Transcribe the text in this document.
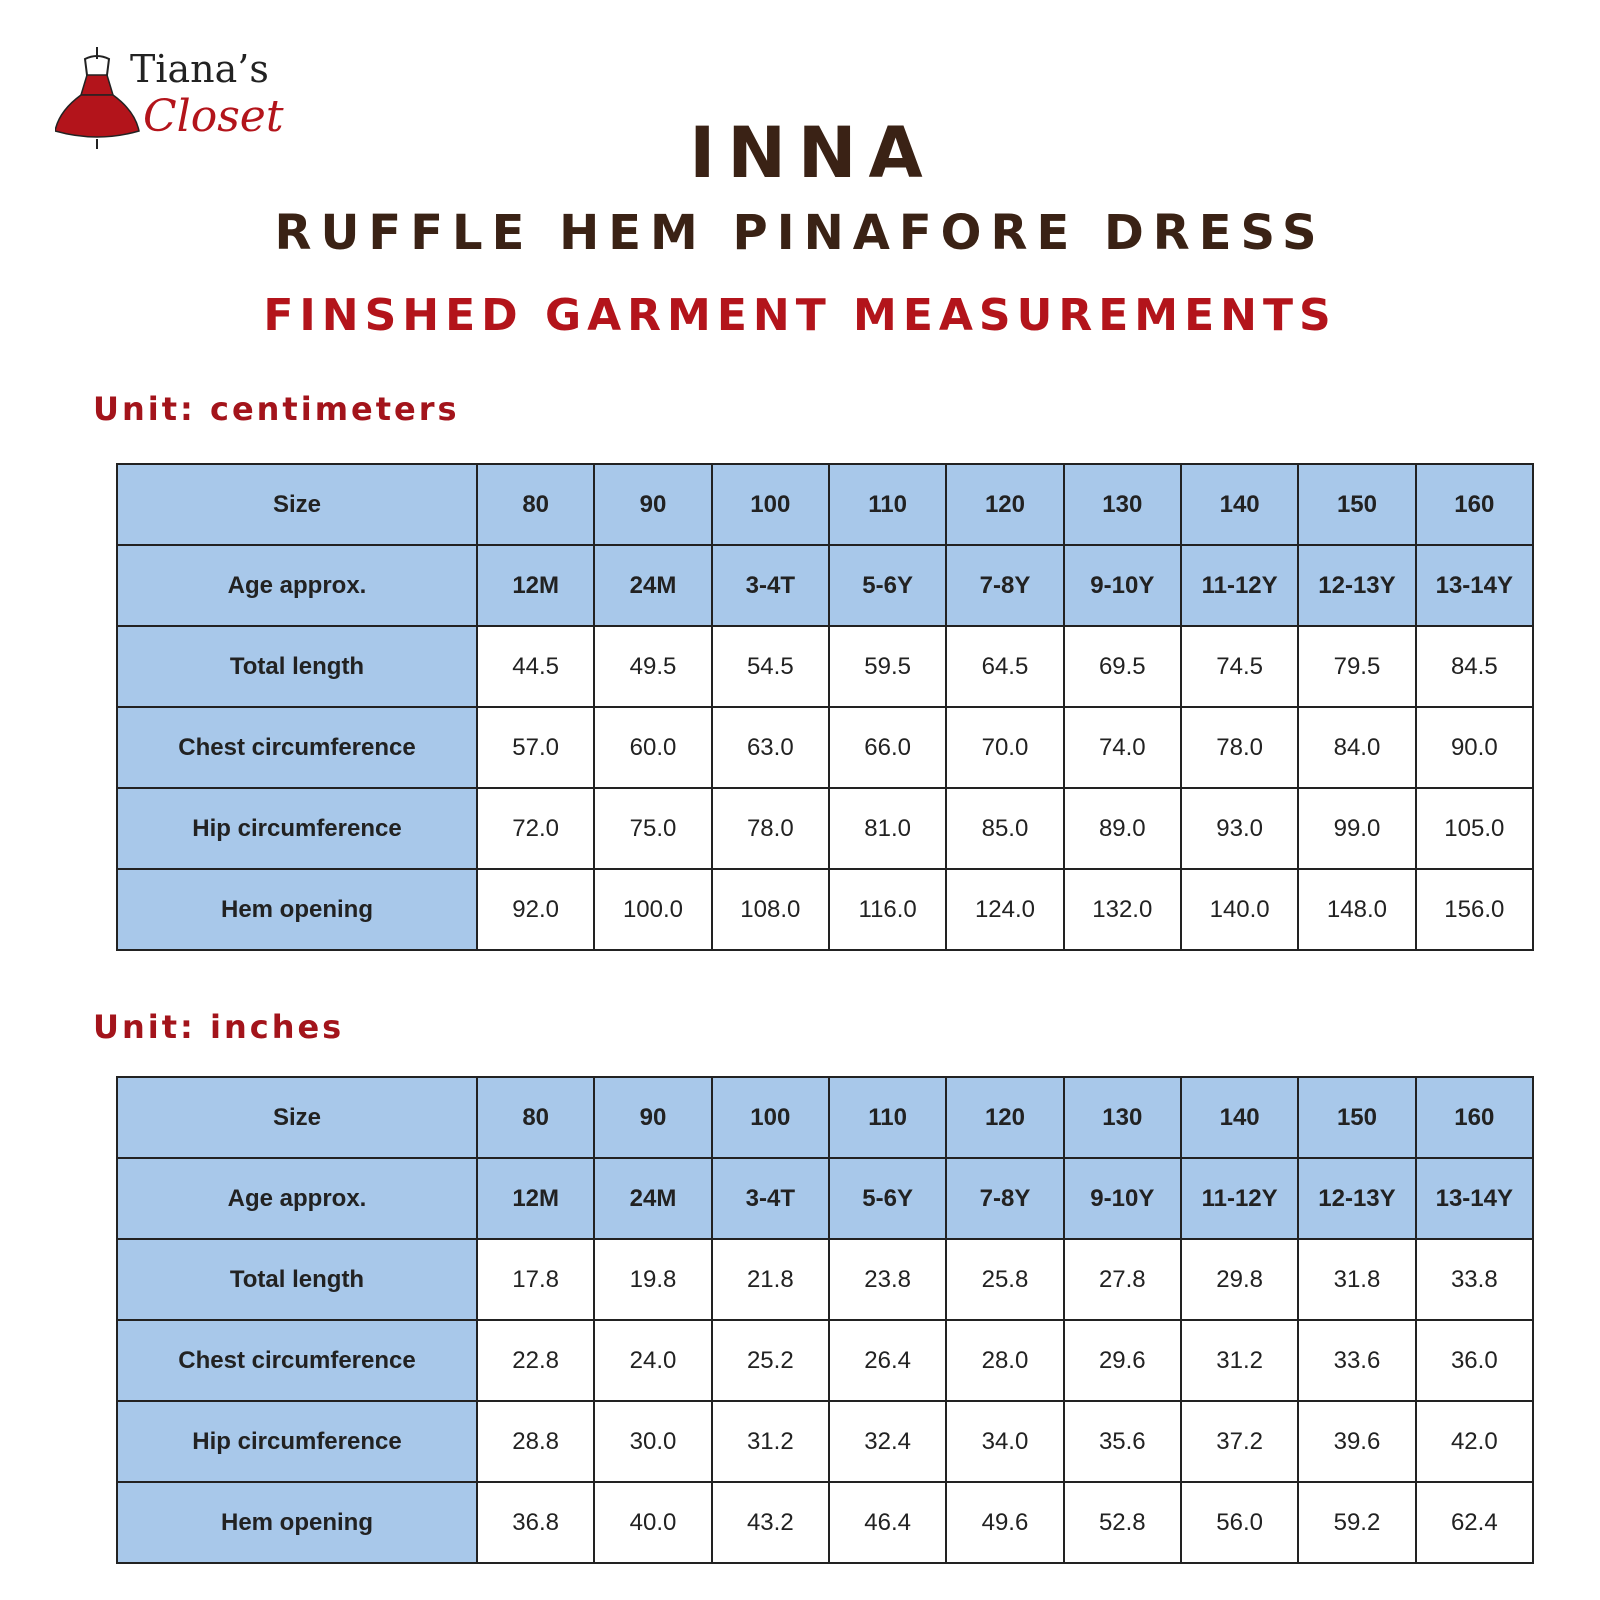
Tiana’s
Closet	INNA
RUFFLE HEM PINAFORE DRESS
FINSHED GARMENT MEASUREMENTS
Unit: centimeters
Size	80	90	100	110	120	130	140	150	160
Age approx.	12M	24M	3-4T	5-6Y	7-8Y	9-10Y	11-12Y	12-13Y	13-14Y
Total length	44.5	49.5	54.5	59.5	64.5	69.5	74.5	79.5	84.5
Chest circumference	57.0	60.0	63.0	66.0	70.0	74.0	78.0	84.0	90.0
Hip circumference	72.0	75.0	78.0	81.0	85.0	89.0	93.0	99.0	105.0
Hem opening	92.0	100.0	108.0	116.0	124.0	132.0	140.0	148.0	156.0
Unit: inches
Size	80	90	100	110	120	130	140	150	160
Age approx.	12M	24M	3-4T	5-6Y	7-8Y	9-10Y	11-12Y	12-13Y	13-14Y
Total length	17.8	19.8	21.8	23.8	25.8	27.8	29.8	31.8	33.8
Chest circumference	22.8	24.0	25.2	26.4	28.0	29.6	31.2	33.6	36.0
Hip circumference	28.8	30.0	31.2	32.4	34.0	35.6	37.2	39.6	42.0
Hem opening	36.8	40.0	43.2	46.4	49.6	52.8	56.0	59.2	62.4
